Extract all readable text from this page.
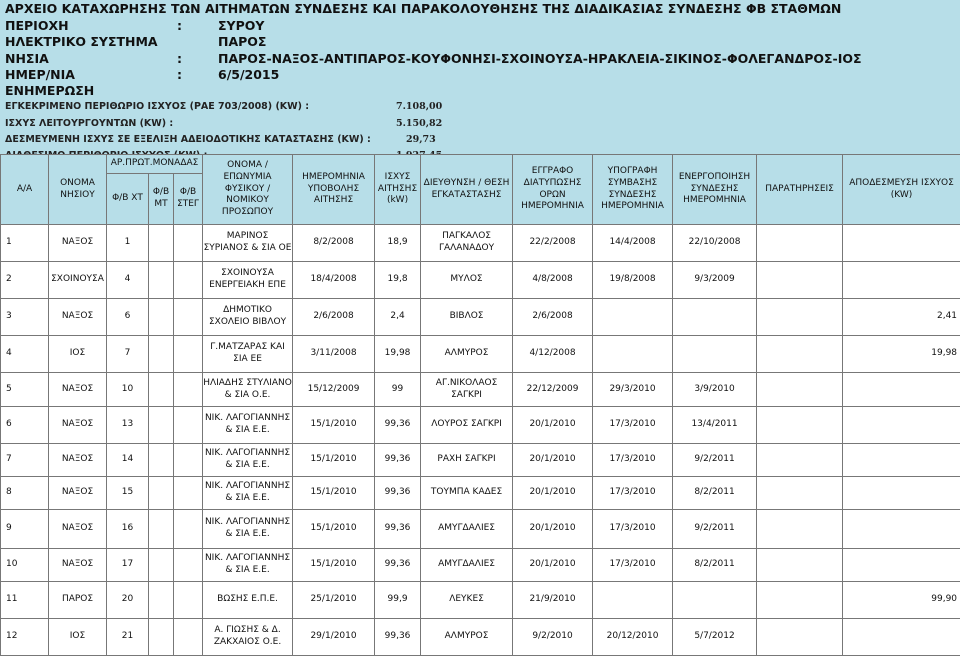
ΑΡΧΕΙΟ ΚΑΤΑΧΩΡΗΣΗΣ ΤΩΝ ΑΙΤΗΜΑΤΩΝ ΣΥΝΔΕΣΗΣ ΚΑΙ ΠΑΡΑΚΟΛΟΥΘΗΣΗΣ ΤΗΣ ΔΙΑΔΙΚΑΣΙΑΣ ΣΥΝΔΕΣΗΣ ΦΒ ΣΤΑΘΜΩΝ
ΠΕΡΙΟΧΗ	:	ΣΥΡΟΥ
ΗΛΕΚΤΡΙΚΟ ΣΥΣΤΗΜΑ	ΠΑΡΟΣ
ΝΗΣΙΑ	:	ΠΑΡΟΣ-ΝΑΞΟΣ-ΑΝΤΙΠΑΡΟΣ-ΚΟΥΦΟΝΗΣΙ-ΣΧΟΙΝΟΥΣΑ-ΗΡΑΚΛΕΙΑ-ΣΙΚΙΝΟΣ-ΦΟΛΕΓΑΝΔΡΟΣ-ΙΟΣ
ΗΜΕΡ/ΝΙΑ	:	6/5/2015
ΕΝΗΜΕΡΩΣΗ
ΕΓΚΕΚΡΙΜΕΝΟ ΠΕΡΙΘΩΡΙΟ ΙΣΧΥΟΣ (ΡΑΕ 703/2008) (KW) :	7.108,00
ΙΣΧΥΣ ΛΕΙΤΟΥΡΓΟΥΝΤΩΝ (KW) :	5.150,82
ΔΕΣΜΕΥΜΕΝΗ ΙΣΧΥΣ ΣΕ ΕΞΕΛΙΞΗ ΑΔΕΙΟΔΟΤΙΚΗΣ ΚΑΤΑΣΤΑΣΗΣ (KW) :	29,73
Α/Α	ΟΝΟΜΑ ΝΗΣΙΟΥ	ΑΡ.ΠΡΩΤ.ΜΟΝΑΔΑΣ			ΟΝΟΜΑ / ΕΠΩΝΥΜΙΑ ΦΥΣΙΚΟΥ / ΝΟΜΙΚΟΥ ΠΡΟΣΩΠΟΥ	ΗΜΕΡΟΜΗΝΙΑ ΥΠΟΒΟΛΗΣ ΑΙΤΗΣΗΣ	ΙΣΧΥΣ ΑΙΤΗΣΗΣ (kW)	ΔΙΕΥΘΥΝΣΗ / ΘΕΣΗ ΕΓΚΑΤΑΣΤΑΣΗΣ	ΕΓΓΡΑΦΟ ΔΙΑΤΥΠΩΣΗΣ ΟΡΩΝ ΗΜΕΡΟΜΗΝΙΑ	ΥΠΟΓΡΑΦΗ ΣΥΜΒΑΣΗΣ ΣΥΝΔΕΣΗΣ ΗΜΕΡΟΜΗΝΙΑ	ΕΝΕΡΓΟΠΟΙΗΣΗ ΣΥΝΔΕΣΗΣ ΗΜΕΡΟΜΗΝΙΑ	ΠΑΡΑΤΗΡΗΣΕΙΣ	ΑΠΟΔΕΣΜΕΥΣΗ ΙΣΧΥΟΣ (KW)
		Φ/Β ΧΤ	Φ/Β ΜΤ	Φ/Β ΣΤΕΓ									
1	ΝΑΞΟΣ	1			ΜΑΡΙΝΟΣ ΣΥΡΙΑΝΟΣ & ΣΙΑ ΟΕ	8/2/2008	18,9	ΠΑΓΚΑΛΟΣ ΓΑΛΑΝΑΔΟΥ	22/2/2008	14/4/2008	22/10/2008		
2	ΣΧΟΙΝΟΥΣΑ	4			ΣΧΟΙΝΟΥΣΑ ΕΝΕΡΓΕΙΑΚΗ ΕΠΕ	18/4/2008	19,8	ΜΥΛΟΣ	4/8/2008	19/8/2008	9/3/2009		
3	ΝΑΞΟΣ	6			ΔΗΜΟΤΙΚΟ ΣΧΟΛΕΙΟ ΒΙΒΛΟΥ	2/6/2008	2,4	ΒΙΒΛΟΣ	2/6/2008				2,41
4	ΙΟΣ	7			Γ.ΜΑΤΖΑΡΑΣ ΚΑΙ ΣΙΑ ΕΕ	3/11/2008	19,98	ΑΛΜΥΡΟΣ	4/12/2008				19,98
5	ΝΑΞΟΣ	10			ΗΛΙΑΔΗΣ ΣΤΥΛΙΑΝΟ & ΣΙΑ Ο.Ε.	15/12/2009	99	ΑΓ.ΝΙΚΟΛΑΟΣ ΣΑΓΚΡΙ	22/12/2009	29/3/2010	3/9/2010		
6	ΝΑΞΟΣ	13			ΝΙΚ. ΛΑΓΟΓΙΑΝΝΗΣ & ΣΙΑ Ε.Ε.	15/1/2010	99,36	ΛΟΥΡΟΣ ΣΑΓΚΡΙ	20/1/2010	17/3/2010	13/4/2011		
7	ΝΑΞΟΣ	14			ΝΙΚ. ΛΑΓΟΓΙΑΝΝΗΣ & ΣΙΑ Ε.Ε.	15/1/2010	99,36	ΡΑΧΗ ΣΑΓΚΡΙ	20/1/2010	17/3/2010	9/2/2011		
8	ΝΑΞΟΣ	15			ΝΙΚ. ΛΑΓΟΓΙΑΝΝΗΣ & ΣΙΑ Ε.Ε.	15/1/2010	99,36	ΤΟΥΜΠΑ ΚΑΔΕΣ	20/1/2010	17/3/2010	8/2/2011		
9	ΝΑΞΟΣ	16			ΝΙΚ. ΛΑΓΟΓΙΑΝΝΗΣ & ΣΙΑ Ε.Ε.	15/1/2010	99,36	ΑΜΥΓΔΑΛΙΕΣ	20/1/2010	17/3/2010	9/2/2011		
10	ΝΑΞΟΣ	17			ΝΙΚ. ΛΑΓΟΓΙΑΝΝΗΣ & ΣΙΑ Ε.Ε.	15/1/2010	99,36	ΑΜΥΓΔΑΛΙΕΣ	20/1/2010	17/3/2010	8/2/2011		
11	ΠΑΡΟΣ	20			ΒΩΣΗΣ Ε.Π.Ε.	25/1/2010	99,9	ΛΕΥΚΕΣ	21/9/2010				99,90
12	ΙΟΣ	21			Α. ΓΙΩΣΗΣ & Δ. ΖΑΚΧΑΙΟΣ Ο.Ε.	29/1/2010	99,36	ΑΛΜΥΡΟΣ	9/2/2010	20/12/2010	5/7/2012		
